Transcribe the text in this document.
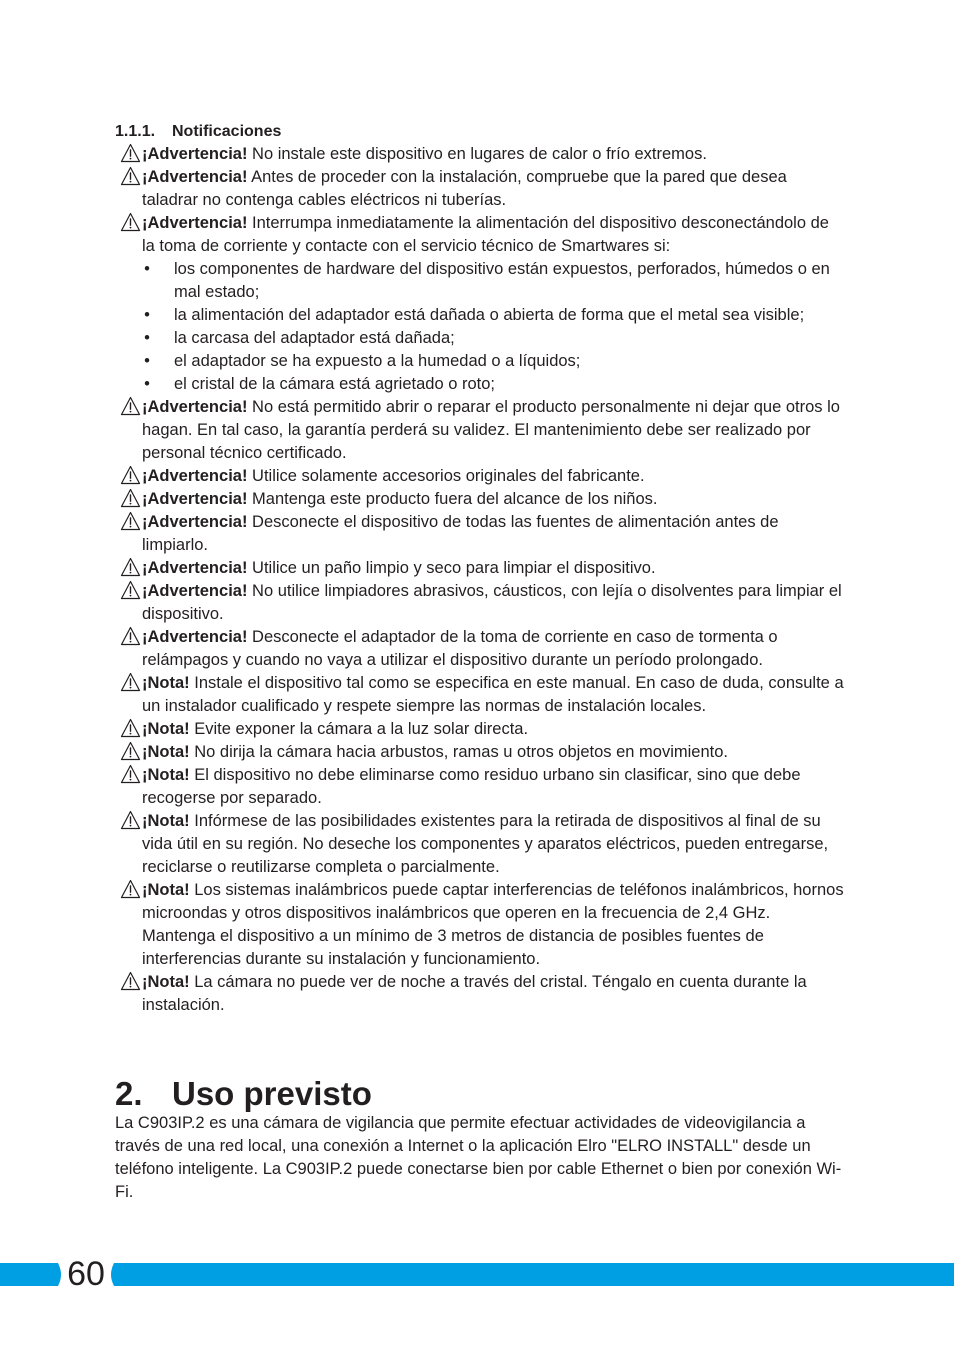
1.1.1. Notificaciones
¡Advertencia! No instale este dispositivo en lugares de calor o frío extremos.
¡Advertencia! Antes de proceder con la instalación, compruebe que la pared que desea taladrar no contenga cables eléctricos ni tuberías.
¡Advertencia! Interrumpa inmediatamente la alimentación del dispositivo desconectándolo de la toma de corriente y contacte con el servicio técnico de Smartwares si:
• los componentes de hardware del dispositivo están expuestos, perforados, húmedos o en mal estado;
• la alimentación del adaptador está dañada o abierta de forma que el metal sea visible;
• la carcasa del adaptador está dañada;
• el adaptador se ha expuesto a la humedad o a líquidos;
• el cristal de la cámara está agrietado o roto;
¡Advertencia! No está permitido abrir o reparar el producto personalmente ni dejar que otros lo hagan. En tal caso, la garantía perderá su validez. El mantenimiento debe ser realizado por personal técnico certificado.
¡Advertencia! Utilice solamente accesorios originales del fabricante.
¡Advertencia! Mantenga este producto fuera del alcance de los niños.
¡Advertencia! Desconecte el dispositivo de todas las fuentes de alimentación antes de limpiarlo.
¡Advertencia! Utilice un paño limpio y seco para limpiar el dispositivo.
¡Advertencia! No utilice limpiadores abrasivos, cáusticos, con lejía o disolventes para limpiar el dispositivo.
¡Advertencia! Desconecte el adaptador de la toma de corriente en caso de tormenta o relámpagos y cuando no vaya a utilizar el dispositivo durante un período prolongado.
¡Nota! Instale el dispositivo tal como se especifica en este manual. En caso de duda, consulte a un instalador cualificado y respete siempre las normas de instalación locales.
¡Nota! Evite exponer la cámara a la luz solar directa.
¡Nota! No dirija la cámara hacia arbustos, ramas u otros objetos en movimiento.
¡Nota! El dispositivo no debe eliminarse como residuo urbano sin clasificar, sino que debe recogerse por separado.
¡Nota! Infórmese de las posibilidades existentes para la retirada de dispositivos al final de su vida útil en su región. No deseche los componentes y aparatos eléctricos, pueden entregarse, reciclarse o reutilizarse completa o parcialmente.
¡Nota! Los sistemas inalámbricos puede captar interferencias de teléfonos inalámbricos, hornos microondas y otros dispositivos inalámbricos que operen en la frecuencia de 2,4 GHz. Mantenga el dispositivo a un mínimo de 3 metros de distancia de posibles fuentes de interferencias durante su instalación y funcionamiento.
¡Nota! La cámara no puede ver de noche a través del cristal. Téngalo en cuenta durante la instalación.
2. Uso previsto

La C903IP.2 es una cámara de vigilancia que permite efectuar actividades de videovigilancia a través de una red local, una conexión a Internet o la aplicación Elro "ELRO INSTALL" desde un teléfono inteligente. La C903IP.2 puede conectarse bien por cable Ethernet o bien por conexión Wi-Fi.

60
